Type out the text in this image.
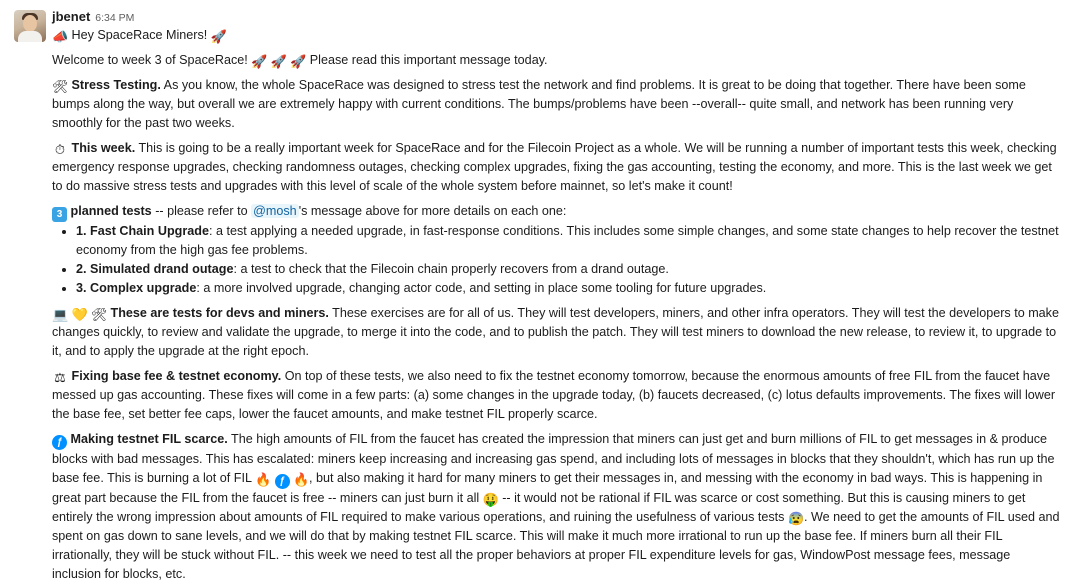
jbenet 6:34 PM

📣 Hey SpaceRace Miners! 🚀

Welcome to week 3 of SpaceRace! 🚀 🚀 🚀 Please read this important message today.

🛠 Stress Testing. As you know, the whole SpaceRace was designed to stress test the network and find problems. It is great to be doing that together. There have been some bumps along the way, but overall we are extremely happy with current conditions. The bumps/problems have been --overall-- quite small, and network has been running very smoothly for the past two weeks.

⏱ This week. This is going to be a really important week for SpaceRace and for the Filecoin Project as a whole. We will be running a number of important tests this week, checking emergency response upgrades, checking randomness outages, checking complex upgrades, fixing the gas accounting, testing the economy, and more. This is the last week we get to do massive stress tests and upgrades with this level of scale of the whole system before mainnet, so let's make it count!

3 planned tests -- please refer to @mosh 's message above for more details on each one:

• 1. Fast Chain Upgrade: a test applying a needed upgrade, in fast-response conditions. This includes some simple changes, and some state changes to help recover the testnet economy from the high gas fee problems.
• 2. Simulated drand outage: a test to check that the Filecoin chain properly recovers from a drand outage.
• 3. Complex upgrade: a more involved upgrade, changing actor code, and setting in place some tooling for future upgrades.

💻 💛 🛠 These are tests for devs and miners. These exercises are for all of us. They will test developers, miners, and other infra operators. They will test the developers to make changes quickly, to review and validate the upgrade, to merge it into the code, and to publish the patch. They will test miners to download the new release, to review it, to upgrade to it, and to apply the upgrade at the right epoch.

⚖ Fixing base fee & testnet economy. On top of these tests, we also need to fix the testnet economy tomorrow, because the enormous amounts of free FIL from the faucet have messed up gas accounting. These fixes will come in a few parts: (a) some changes in the upgrade today, (b) faucets decreased, (c) lotus defaults improvements. The fixes will lower the base fee, set better fee caps, lower the faucet amounts, and make testnet FIL properly scarce.

ƒ Making testnet FIL scarce. The high amounts of FIL from the faucet has created the impression that miners can just get and burn millions of FIL to get messages in & produce blocks with bad messages. This has escalated: miners keep increasing and increasing gas spend, and including lots of messages in blocks that they shouldn't, which has run up the base fee. This is burning a lot of FIL 🔥 ƒ 🔥, but also making it hard for many miners to get their messages in, and messing with the economy in bad ways. This is happening in great part because the FIL from the faucet is free -- miners can just burn it all 🤑 -- it would not be rational if FIL was scarce or cost something. But this is causing miners to get entirely the wrong impression about amounts of FIL required to make various operations, and ruining the usefulness of various tests 😰. We need to get the amounts of FIL used and spent on gas down to sane levels, and we will do that by making testnet FIL scarce. This will make it much more irrational to run up the base fee. If miners burn all their FIL irrationally, they will be stuck without FIL. -- this week we need to test all the proper behaviors at proper FIL expenditure levels for gas, WindowPost message fees, message inclusion for blocks, etc.
